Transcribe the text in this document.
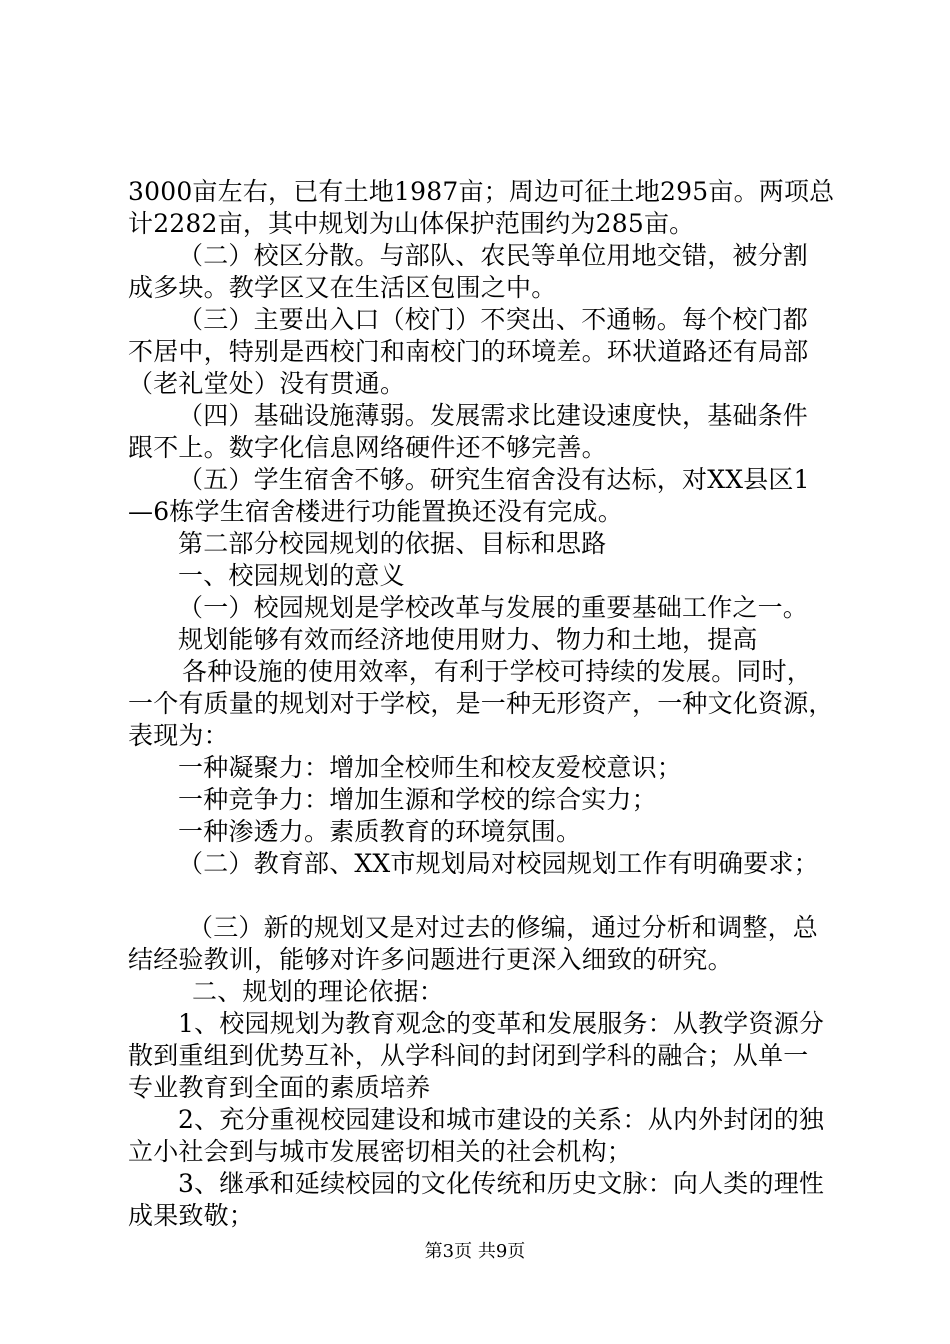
3000亩左右，已有土地1987亩；周边可征土地295亩。两项总
计2282亩，其中规划为山体保护范围约为285亩。
（二）校区分散。与部队、农民等单位用地交错，被分割
成多块。教学区又在生活区包围之中。
（三）主要出入口（校门）不突出、不通畅。每个校门都
不居中，特别是西校门和南校门的环境差。环状道路还有局部
（老礼堂处）没有贯通。
（四）基础设施薄弱。发展需求比建设速度快，基础条件
跟不上。数字化信息网络硬件还不够完善。
（五）学生宿舍不够。研究生宿舍没有达标，对XX县区1
—6栋学生宿舍楼进行功能置换还没有完成。
第二部分校园规划的依据、目标和思路
一、校园规划的意义
（一）校园规划是学校改革与发展的重要基础工作之一。
规划能够有效而经济地使用财力、物力和土地，提高
各种设施的使用效率，有利于学校可持续的发展。同时，
一个有质量的规划对于学校，是一种无形资产，一种文化资源，
表现为：
一种凝聚力：增加全校师生和校友爱校意识；
一种竞争力：增加生源和学校的综合实力；
一种渗透力。素质教育的环境氛围。
（二）教育部、XX市规划局对校园规划工作有明确要求；
（三）新的规划又是对过去的修编，通过分析和调整，总
结经验教训，能够对许多问题进行更深入细致的研究。
二、规划的理论依据：
1、校园规划为教育观念的变革和发展服务：从教学资源分
散到重组到优势互补，从学科间的封闭到学科的融合；从单一
专业教育到全面的素质培养
2、充分重视校园建设和城市建设的关系：从内外封闭的独
立小社会到与城市发展密切相关的社会机构；
3、继承和延续校园的文化传统和历史文脉：向人类的理性
成果致敬；
第3页 共9页
